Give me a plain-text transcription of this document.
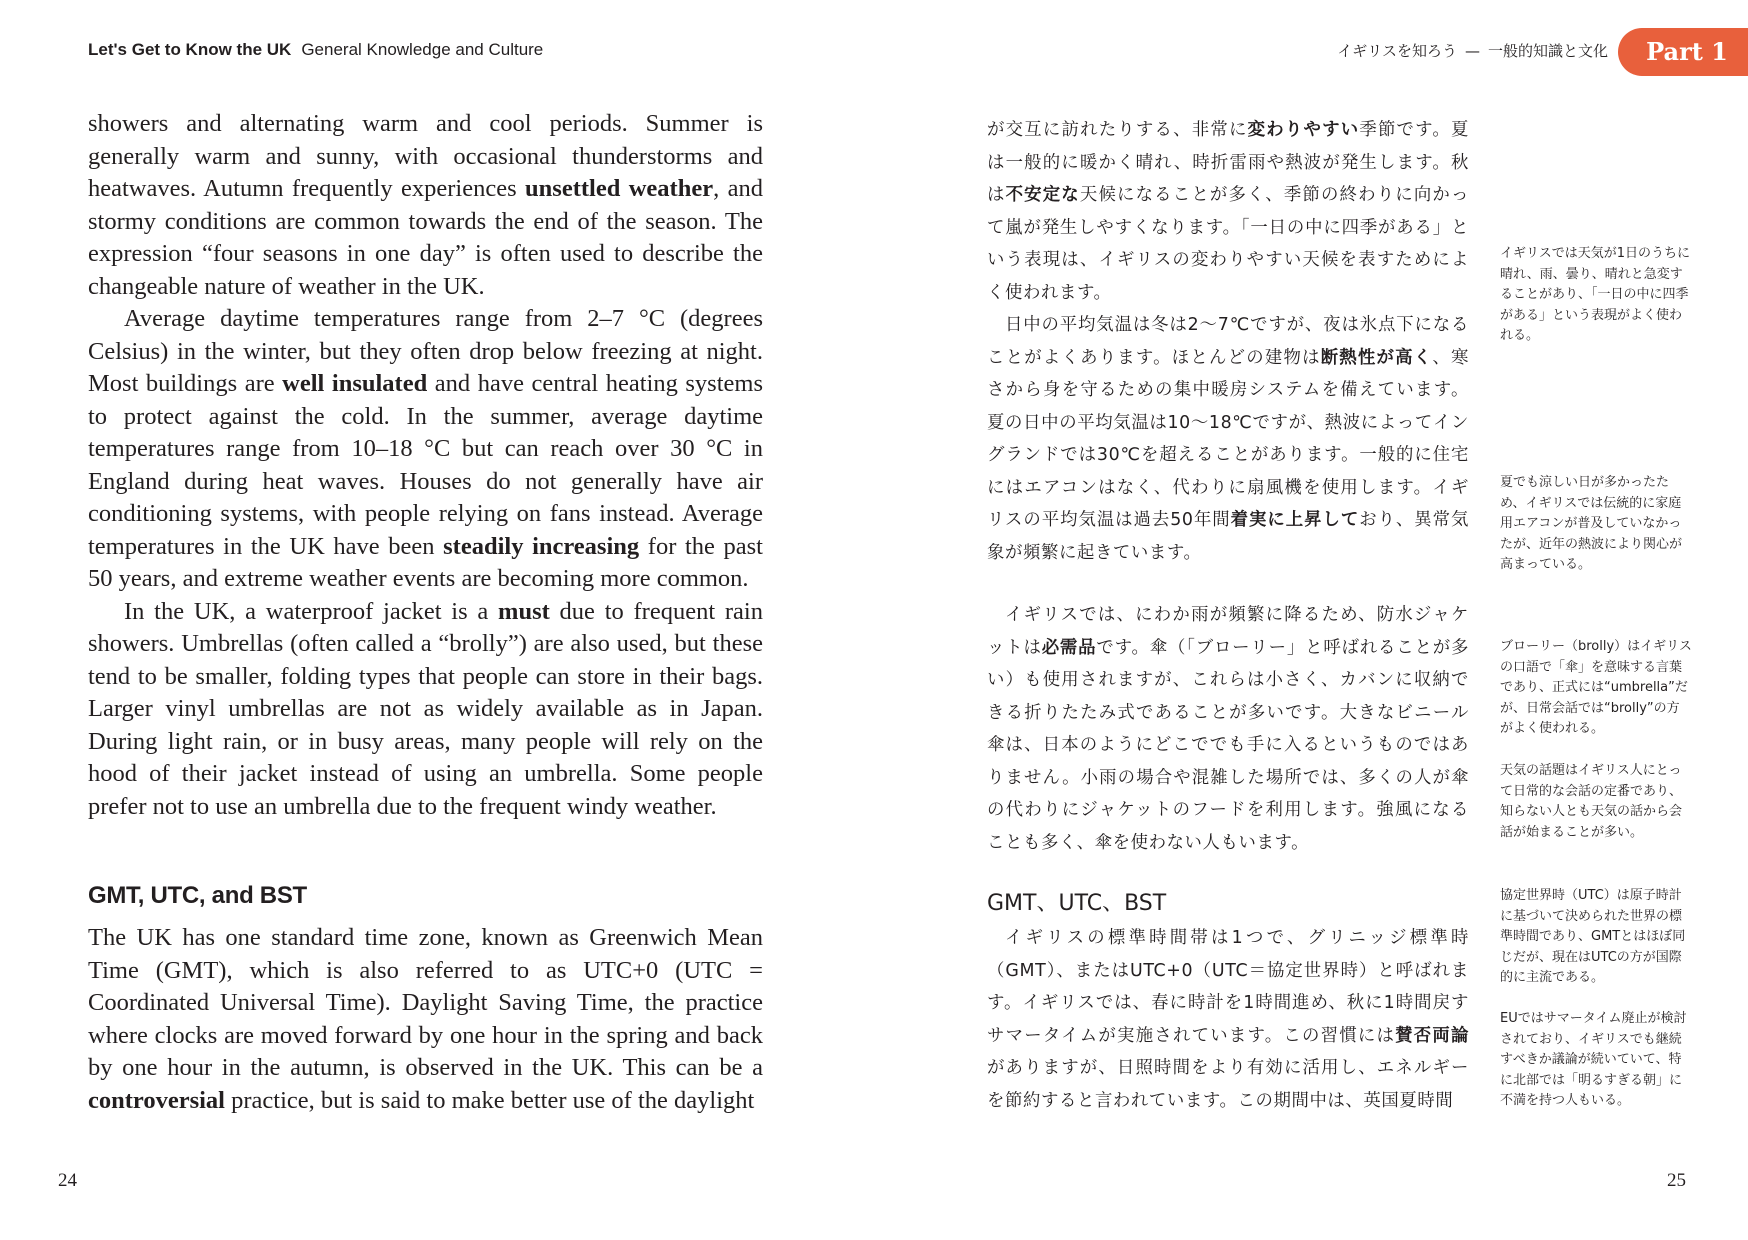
Let's Get to Know the UK General Knowledge and Culture	イギリスを知ろう — 一般的知識と文化	Part 1

showers and alternating warm and cool periods. Summer is generally warm and sunny, with occasional thunderstorms and heatwaves. Autumn frequently experiences unsettled weather, and stormy conditions are common towards the end of the season. The expression “four seasons in one day” is often used to describe the changeable nature of weather in the UK.

Average daytime temperatures range from 2–7 °C (degrees Celsius) in the winter, but they often drop below freezing at night. Most buildings are well insulated and have central heating systems to protect against the cold. In the summer, average daytime temperatures range from 10–18 °C but can reach over 30 °C in England during heat waves. Houses do not generally have air conditioning systems, with people relying on fans instead. Average temperatures in the UK have been steadily increasing for the past 50 years, and extreme weather events are becoming more common.

In the UK, a waterproof jacket is a must due to frequent rain showers. Umbrellas (often called a “brolly”) are also used, but these tend to be smaller, folding types that people can store in their bags. Larger vinyl umbrellas are not as widely available as in Japan. During light rain, or in busy areas, many people will rely on the hood of their jacket instead of using an umbrella. Some people prefer not to use an umbrella due to the frequent windy weather.

GMT, UTC, and BST

The UK has one standard time zone, known as Greenwich Mean Time (GMT), which is also referred to as UTC+0 (UTC = Coordinated Universal Time). Daylight Saving Time, the practice where clocks are moved forward by one hour in the spring and back by one hour in the autumn, is observed in the UK. This can be a controversial practice, but is said to make better use of the daylight

が交互に訪れたりする、非常に変わりやすい季節です。夏は一般的に暖かく晴れ、時折雷雨や熱波が発生します。秋は不安定な天候になることが多く、季節の終わりに向かって嵐が発生しやすくなります。「一日の中に四季がある」という表現は、イギリスの変わりやすい天候を表すためによく使われます。

日中の平均気温は冬は2～7℃ですが、夜は氷点下になることがよくあります。ほとんどの建物は断熱性が高く、寒さから身を守るための集中暖房システムを備えています。夏の日中の平均気温は10～18℃ですが、熱波によってイングランドでは30℃を超えることがあります。一般的に住宅にはエアコンはなく、代わりに扇風機を使用します。イギリスの平均気温は過去50年間着実に上昇しており、異常気象が頻繁に起きています。

イギリスでは、にわか雨が頻繁に降るため、防水ジャケットは必需品です。傘（「ブローリー」と呼ばれることが多い）も使用されますが、これらは小さく、カバンに収納できる折りたたみ式であることが多いです。大きなビニール傘は、日本のようにどこででも手に入るというものではありません。小雨の場合や混雑した場所では、多くの人が傘の代わりにジャケットのフードを利用します。強風になることも多く、傘を使わない人もいます。

GMT、UTC、BST

イギリスの標準時間帯は1つで、グリニッジ標準時（GMT）、またはUTC+0（UTC＝協定世界時）と呼ばれます。イギリスでは、春に時計を1時間進め、秋に1時間戻すサマータイムが実施されています。この習慣には賛否両論がありますが、日照時間をより有効に活用し、エネルギーを節約すると言われています。この期間中は、英国夏時間

イギリスでは天気が1日のうちに晴れ、雨、曇り、晴れと急変することがあり、「一日の中に四季がある」という表現がよく使われる。
夏でも涼しい日が多かったため、イギリスでは伝統的に家庭用エアコンが普及していなかったが、近年の熱波により関心が高まっている。
ブローリー（brolly）はイギリスの口語で「傘」を意味する言葉であり、正式には“umbrella”だが、日常会話では“brolly”の方がよく使われる。
天気の話題はイギリス人にとって日常的な会話の定番であり、知らない人とも天気の話から会話が始まることが多い。
協定世界時（UTC）は原子時計に基づいて決められた世界の標準時間であり、GMTとはほぼ同じだが、現在はUTCの方が国際的に主流である。
EUではサマータイム廃止が検討されており、イギリスでも継続すべきか議論が続いていて、特に北部では「明るすぎる朝」に不満を持つ人もいる。
24	25
